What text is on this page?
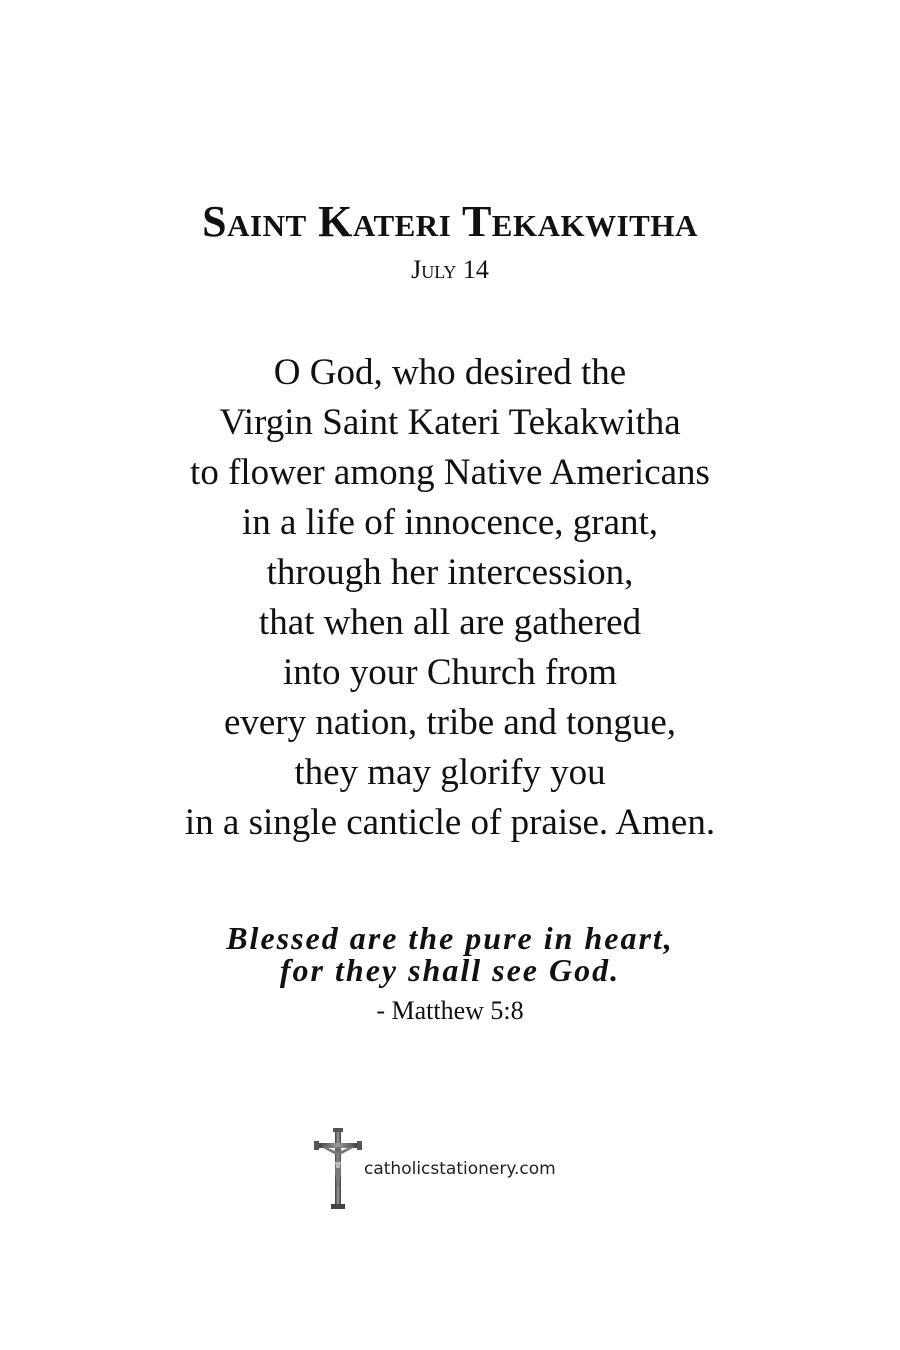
Saint Kateri Tekakwitha
July 14
O God, who desired the
Virgin Saint Kateri Tekakwitha
to flower among Native Americans
in a life of innocence, grant,
through her intercession,
that when all are gathered
into your Church from
every nation, tribe and tongue,
they may glorify you
in a single canticle of praise. Amen.
Blessed are the pure in heart,
for they shall see God.
- Matthew 5:8
catholicstationery.com
